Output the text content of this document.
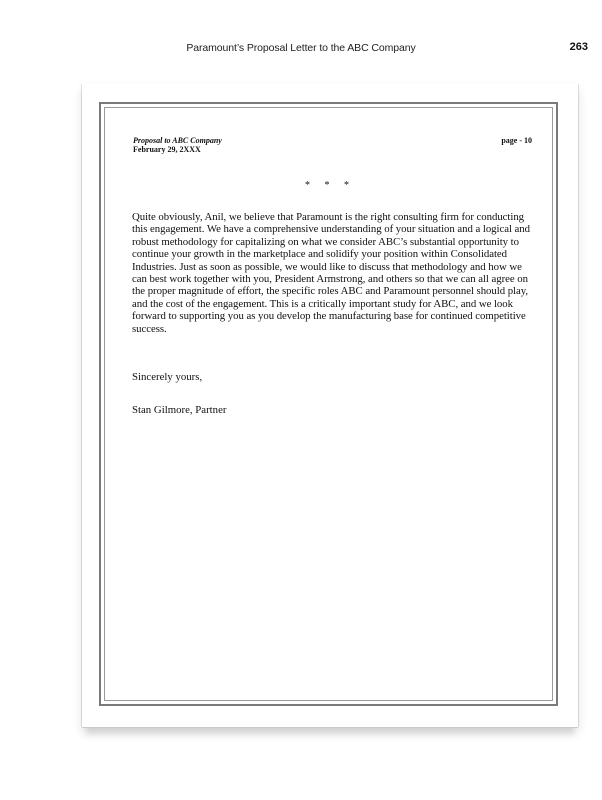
Paramount’s Proposal Letter to the ABC Company	263
Proposal to ABC Company
February 29, 2XXX
page - 10
* * *

Quite obviously, Anil, we believe that Paramount is the right consulting firm for conducting this engagement. We have a comprehensive understanding of your situation and a logical and robust methodology for capitalizing on what we consider ABC’s substantial opportunity to continue your growth in the marketplace and solidify your position within Consolidated Industries. Just as soon as possible, we would like to discuss that methodology and how we can best work together with you, President Armstrong, and others so that we can all agree on the proper magnitude of effort, the specific roles ABC and Paramount personnel should play, and the cost of the engagement. This is a critically important study for ABC, and we look forward to supporting you as you develop the manufacturing base for continued competitive success.

Sincerely yours,

Stan Gilmore, Partner
